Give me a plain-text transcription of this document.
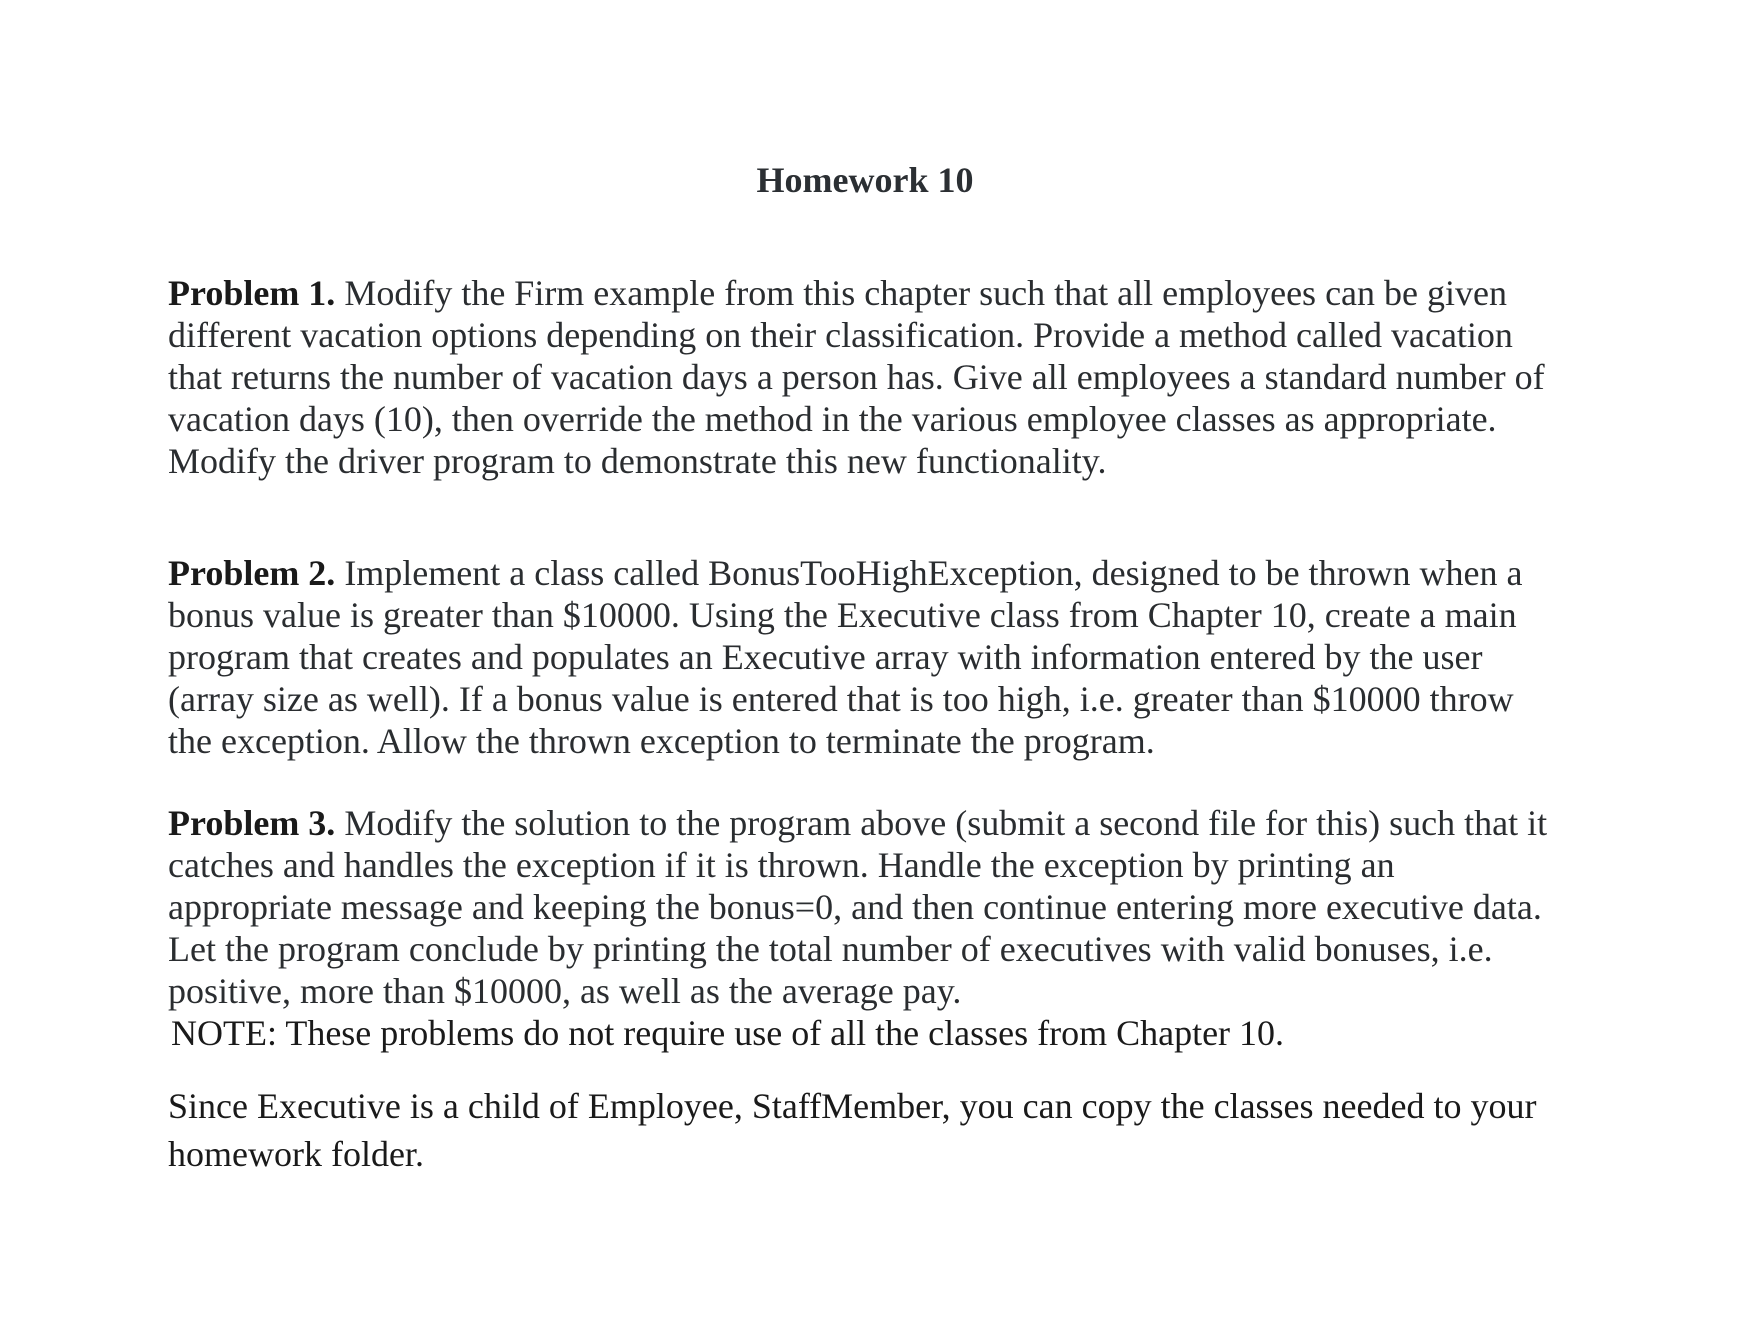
Homework 10

Problem 1. Modify the Firm example from this chapter such that all employees can be given
different vacation options depending on their classification. Provide a method called vacation
that returns the number of vacation days a person has. Give all employees a standard number of
vacation days (10), then override the method in the various employee classes as appropriate.
Modify the driver program to demonstrate this new functionality.

Problem 2. Implement a class called BonusTooHighException, designed to be thrown when a
bonus value is greater than $10000. Using the Executive class from Chapter 10, create a main
program that creates and populates an Executive array with information entered by the user
(array size as well). If a bonus value is entered that is too high, i.e. greater than $10000 throw
the exception. Allow the thrown exception to terminate the program.

Problem 3. Modify the solution to the program above (submit a second file for this) such that it
catches and handles the exception if it is thrown. Handle the exception by printing an
appropriate message and keeping the bonus=0, and then continue entering more executive data.
Let the program conclude by printing the total number of executives with valid bonuses, i.e.
positive, more than $10000, as well as the average pay.

NOTE: These problems do not require use of all the classes from Chapter 10.

Since Executive is a child of Employee, StaffMember, you can copy the classes needed to your
homework folder.
